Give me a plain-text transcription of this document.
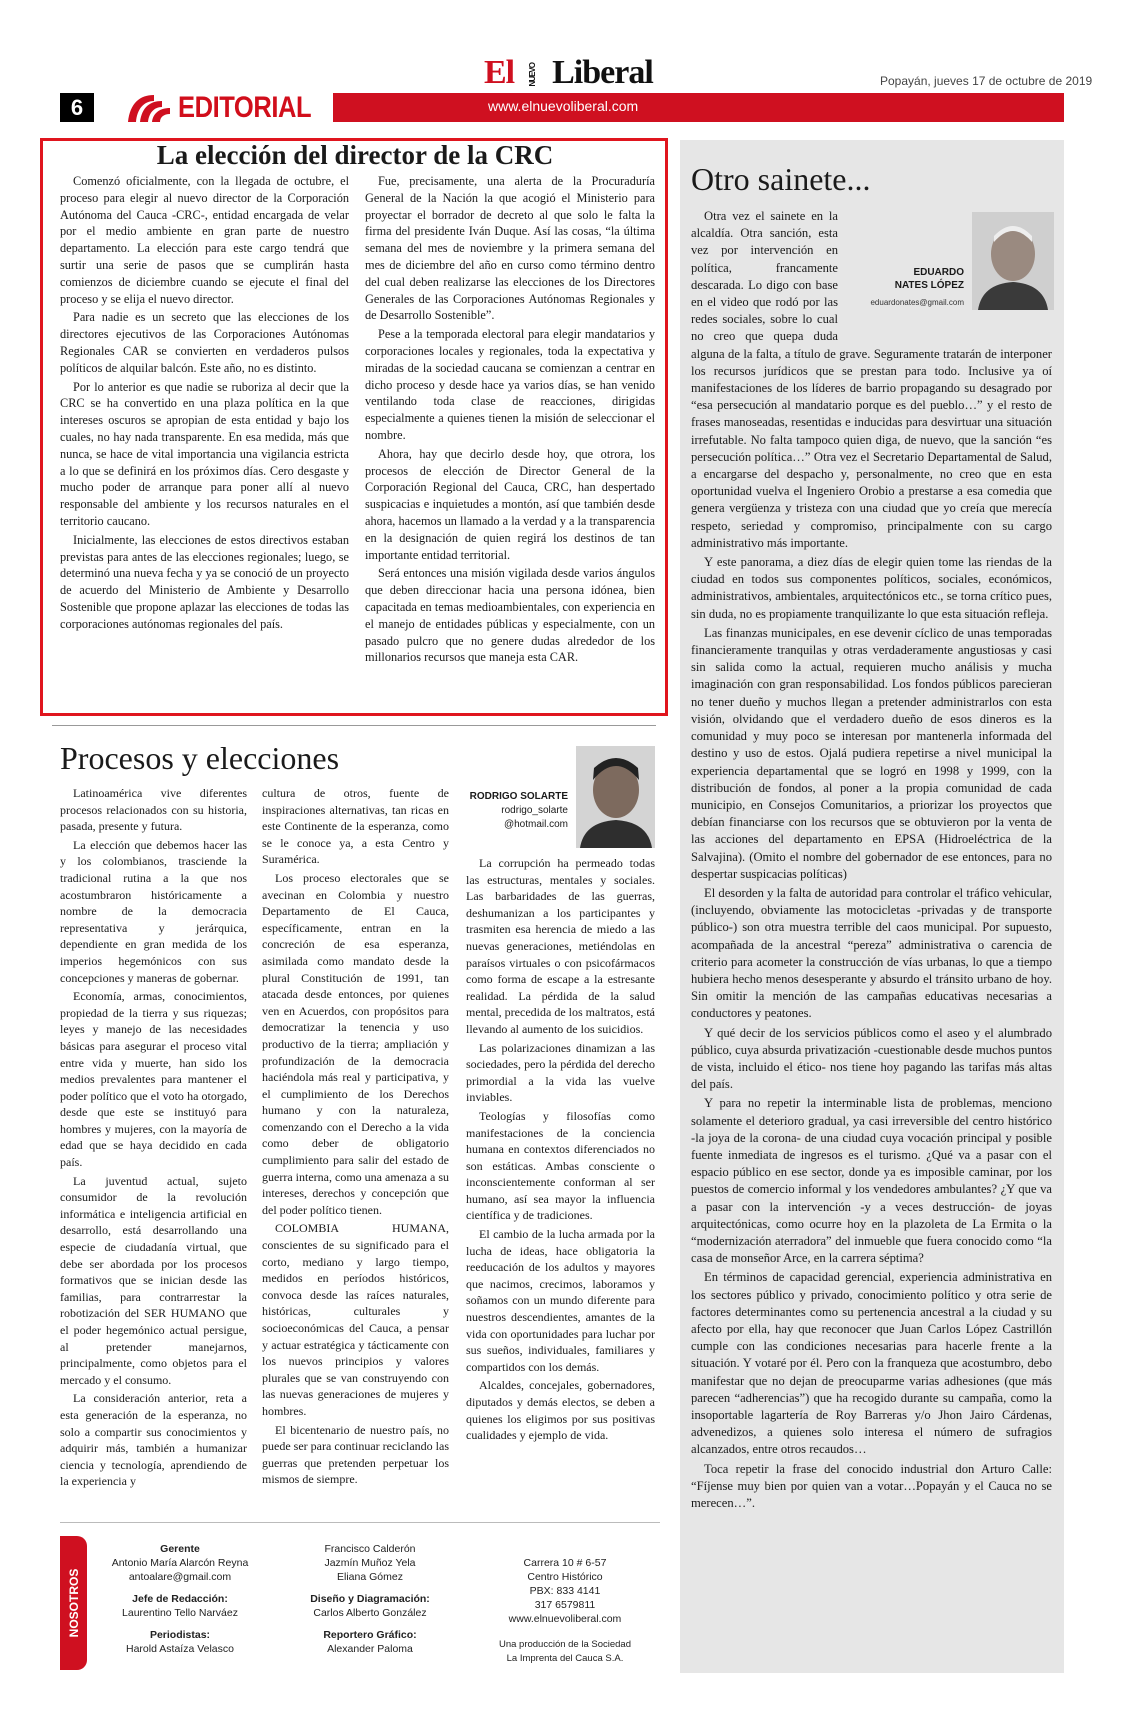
El NUEVO Liberal	Popayán, jueves 17 de octubre de 2019
6	EDITORIAL	www.elnuevoliberal.com
La elección del director de la CRC

Comenzó oficialmente, con la llegada de octubre, el proceso para elegir al nuevo director de la Corporación Autónoma del Cauca -CRC-, entidad encargada de velar por el medio ambiente en gran parte de nuestro departamento. La elección para este cargo tendrá que surtir una serie de pasos que se cumplirán hasta comienzos de diciembre cuando se ejecute el final del proceso y se elija el nuevo director.

Para nadie es un secreto que las elecciones de los directores ejecutivos de las Corporaciones Autónomas Regionales CAR se convierten en verdaderos pulsos políticos de alquilar balcón. Este año, no es distinto.

Por lo anterior es que nadie se ruboriza al decir que la CRC se ha convertido en una plaza política en la que intereses oscuros se apropian de esta entidad y bajo los cuales, no hay nada transparente. En esa medida, más que nunca, se hace de vital importancia una vigilancia estricta a lo que se definirá en los próximos días. Cero desgaste y mucho poder de arranque para poner allí al nuevo responsable del ambiente y los recursos naturales en el territorio caucano.

Inicialmente, las elecciones de estos directivos estaban previstas para antes de las elecciones regionales; luego, se determinó una nueva fecha y ya se conoció de un proyecto de acuerdo del Ministerio de Ambiente y Desarrollo Sostenible que propone aplazar las elecciones de todas las corporaciones autónomas regionales del país.

Fue, precisamente, una alerta de la Procuraduría General de la Nación la que acogió el Ministerio para proyectar el borrador de decreto al que solo le falta la firma del presidente Iván Duque. Así las cosas, “la última semana del mes de noviembre y la primera semana del mes de diciembre del año en curso como término dentro del cual deben realizarse las elecciones de los Directores Generales de las Corporaciones Autónomas Regionales y de Desarrollo Sostenible”.

Pese a la temporada electoral para elegir mandatarios y corporaciones locales y regionales, toda la expectativa y miradas de la sociedad caucana se comienzan a centrar en dicho proceso y desde hace ya varios días, se han venido ventilando toda clase de reacciones, dirigidas especialmente a quienes tienen la misión de seleccionar el nombre.

Ahora, hay que decirlo desde hoy, que otrora, los procesos de elección de Director General de la Corporación Regional del Cauca, CRC, han despertado suspicacias e inquietudes a montón, así que también desde ahora, hacemos un llamado a la verdad y a la transparencia en la designación de quien regirá los destinos de tan importante entidad territorial.

Será entonces una misión vigilada desde varios ángulos que deben direccionar hacia una persona idónea, bien capacitada en temas medioambientales, con experiencia en el manejo de entidades públicas y especialmente, con un pasado pulcro que no genere dudas alrededor de los millonarios recursos que maneja esta CAR.

Otro sainete...
EDUARDO
NATES LÓPEZ
eduardonates@gmail.com

Otra vez el sainete en la alcaldía. Otra sanción, esta vez por intervención en política, francamente descarada. Lo digo con base en el video que rodó por las redes sociales, sobre lo cual no creo que quepa duda alguna de la falta, a título de grave. Seguramente tratarán de interponer los recursos jurídicos que se prestan para todo. Inclusive ya oí manifestaciones de los líderes de barrio propagando su desagrado por “esa persecución al mandatario porque es del pueblo…” y el resto de frases manoseadas, resentidas e inducidas para desvirtuar una situación irrefutable. No falta tampoco quien diga, de nuevo, que la sanción “es persecución política…” Otra vez el Secretario Departamental de Salud, a encargarse del despacho y, personalmente, no creo que en esta oportunidad vuelva el Ingeniero Orobio a prestarse a esa comedia que genera vergüenza y tristeza con una ciudad que yo creía que merecía respeto, seriedad y compromiso, principalmente con su cargo administrativo más importante.

Y este panorama, a diez días de elegir quien tome las riendas de la ciudad en todos sus componentes políticos, sociales, económicos, administrativos, ambientales, arquitectónicos etc., se torna crítico pues, sin duda, no es propiamente tranquilizante lo que esta situación refleja.

Las finanzas municipales, en ese devenir cíclico de unas temporadas financieramente tranquilas y otras verdaderamente angustiosas y casi sin salida como la actual, requieren mucho análisis y mucha imaginación con gran responsabilidad. Los fondos públicos parecieran no tener dueño y muchos llegan a pretender administrarlos con esta visión, olvidando que el verdadero dueño de esos dineros es la comunidad y muy poco se interesan por mantenerla informada del destino y uso de estos. Ojalá pudiera repetirse a nivel municipal la experiencia departamental que se logró en 1998 y 1999, con la distribución de fondos, al poner a la propia comunidad de cada municipio, en Consejos Comunitarios, a priorizar los proyectos que debían financiarse con los recursos que se obtuvieron por la venta de las acciones del departamento en EPSA (Hidroeléctrica de la Salvajina). (Omito el nombre del gobernador de ese entonces, para no despertar suspicacias políticas)

El desorden y la falta de autoridad para controlar el tráfico vehicular, (incluyendo, obviamente las motocicletas -privadas y de transporte público-) son otra muestra terrible del caos municipal. Por supuesto, acompañada de la ancestral “pereza” administrativa o carencia de criterio para acometer la construcción de vías urbanas, lo que a tiempo hubiera hecho menos desesperante y absurdo el tránsito urbano de hoy. Sin omitir la mención de las campañas educativas necesarias a conductores y peatones.

Y qué decir de los servicios públicos como el aseo y el alumbrado público, cuya absurda privatización -cuestionable desde muchos puntos de vista, incluido el ético- nos tiene hoy pagando las tarifas más altas del país.

Y para no repetir la interminable lista de problemas, menciono solamente el deterioro gradual, ya casi irreversible del centro histórico -la joya de la corona- de una ciudad cuya vocación principal y posible fuente inmediata de ingresos es el turismo. ¿Qué va a pasar con el espacio público en ese sector, donde ya es imposible caminar, por los puestos de comercio informal y los vendedores ambulantes? ¿Y que va a pasar con la intervención -y a veces destrucción- de joyas arquitectónicas, como ocurre hoy en la plazoleta de La Ermita o la “modernización aterradora” del inmueble que fuera conocido como “la casa de monseñor Arce, en la carrera séptima?

En términos de capacidad gerencial, experiencia administrativa en los sectores público y privado, conocimiento político y otra serie de factores determinantes como su pertenencia ancestral a la ciudad y su afecto por ella, hay que reconocer que Juan Carlos López Castrillón cumple con las condiciones necesarias para hacerle frente a la situación. Y votaré por él. Pero con la franqueza que acostumbro, debo manifestar que no dejan de preocuparme varias adhesiones (que más parecen “adherencias”) que ha recogido durante su campaña, como la insoportable lagartería de Roy Barreras y/o Jhon Jairo Cárdenas, advenedizos, a quienes solo interesa el número de sufragios alcanzados, entre otros recaudos…

Toca repetir la frase del conocido industrial don Arturo Calle: “Fíjense muy bien por quien van a votar…Popayán y el Cauca no se merecen…”.

Procesos y elecciones
RODRIGO SOLARTE
rodrigo_solarte
@hotmail.com

Latinoamérica vive diferentes procesos relacionados con su historia, pasada, presente y futura.

La elección que debemos hacer las y los colombianos, trasciende la tradicional rutina a la que nos acostumbraron históricamente a nombre de la democracia representativa y jerárquica, dependiente en gran medida de los imperios hegemónicos con sus concepciones y maneras de gobernar.

Economía, armas, conocimientos, propiedad de la tierra y sus riquezas; leyes y manejo de las necesidades básicas para asegurar el proceso vital entre vida y muerte, han sido los medios prevalentes para mantener el poder político que el voto ha otorgado, desde que este se instituyó para hombres y mujeres, con la mayoría de edad que se haya decidido en cada país.

La juventud actual, sujeto consumidor de la revolución informática e inteligencia artificial en desarrollo, está desarrollando una especie de ciudadanía virtual, que debe ser abordada por los procesos formativos que se inician desde las familias, para contrarrestar la robotización del SER HUMANO que el poder hegemónico actual persigue, al pretender manejarnos, principalmente, como objetos para el mercado y el consumo.

La consideración anterior, reta a esta generación de la esperanza, no solo a compartir sus conocimientos y adquirir más, también a humanizar ciencia y tecnología, aprendiendo de la experiencia y

cultura de otros, fuente de inspiraciones alternativas, tan ricas en este Continente de la esperanza, como se le conoce ya, a esta Centro y Suramérica.

Los proceso electorales que se avecinan en Colombia y nuestro Departamento de El Cauca, específicamente, entran en la concreción de esa esperanza, asimilada como mandato desde la plural Constitución de 1991, tan atacada desde entonces, por quienes ven en Acuerdos, con propósitos para democratizar la tenencia y uso productivo de la tierra; ampliación y profundización de la democracia haciéndola más real y participativa, y el cumplimiento de los Derechos humano y con la naturaleza, comenzando con el Derecho a la vida como deber de obligatorio cumplimiento para salir del estado de guerra interna, como una amenaza a su intereses, derechos y concepción que del poder político tienen.

COLOMBIA HUMANA, conscientes de su significado para el corto, mediano y largo tiempo, medidos en períodos históricos, convoca desde las raíces naturales, históricas, culturales y socioeconómicas del Cauca, a pensar y actuar estratégica y tácticamente con los nuevos principios y valores plurales que se van construyendo con las nuevas generaciones de mujeres y hombres.

El bicentenario de nuestro país, no puede ser para continuar reciclando las guerras que pretenden perpetuar los mismos de siempre.

La corrupción ha permeado todas las estructuras, mentales y sociales. Las barbaridades de las guerras, deshumanizan a los participantes y trasmiten esa herencia de miedo a las nuevas generaciones, metiéndolas en paraísos virtuales o con psicofármacos como forma de escape a la estresante realidad. La pérdida de la salud mental, precedida de los maltratos, está llevando al aumento de los suicidios.

Las polarizaciones dinamizan a las sociedades, pero la pérdida del derecho primordial a la vida las vuelve inviables.

Teologías y filosofías como manifestaciones de la conciencia humana en contextos diferenciados no son estáticas. Ambas consciente o inconscientemente conforman al ser humano, así sea mayor la influencia científica y de tradiciones.

El cambio de la lucha armada por la lucha de ideas, hace obligatoria la reeducación de los adultos y mayores que nacimos, crecimos, laboramos y soñamos con un mundo diferente para nuestros descendientes, amantes de la vida con oportunidades para luchar por sus sueños, individuales, familiares y compartidos con los demás.

Alcaldes, concejales, gobernadores, diputados y demás electos, se deben a quienes los eligimos por sus positivas cualidades y ejemplo de vida.

NOSOTROS
Gerente
Antonio María Alarcón Reyna
antoalare@gmail.com
Jefe de Redacción:
Laurentino Tello Narváez
Periodistas:
Harold Astaíza Velasco
Francisco Calderón
Jazmín Muñoz Yela
Eliana Gómez
Diseño y Diagramación:
Carlos Alberto González
Reportero Gráfico:
Alexander Paloma
Carrera 10 # 6-57
Centro Histórico
PBX: 833 4141
317 6579811
www.elnuevoliberal.com
Una producción de la Sociedad
La Imprenta del Cauca S.A.
